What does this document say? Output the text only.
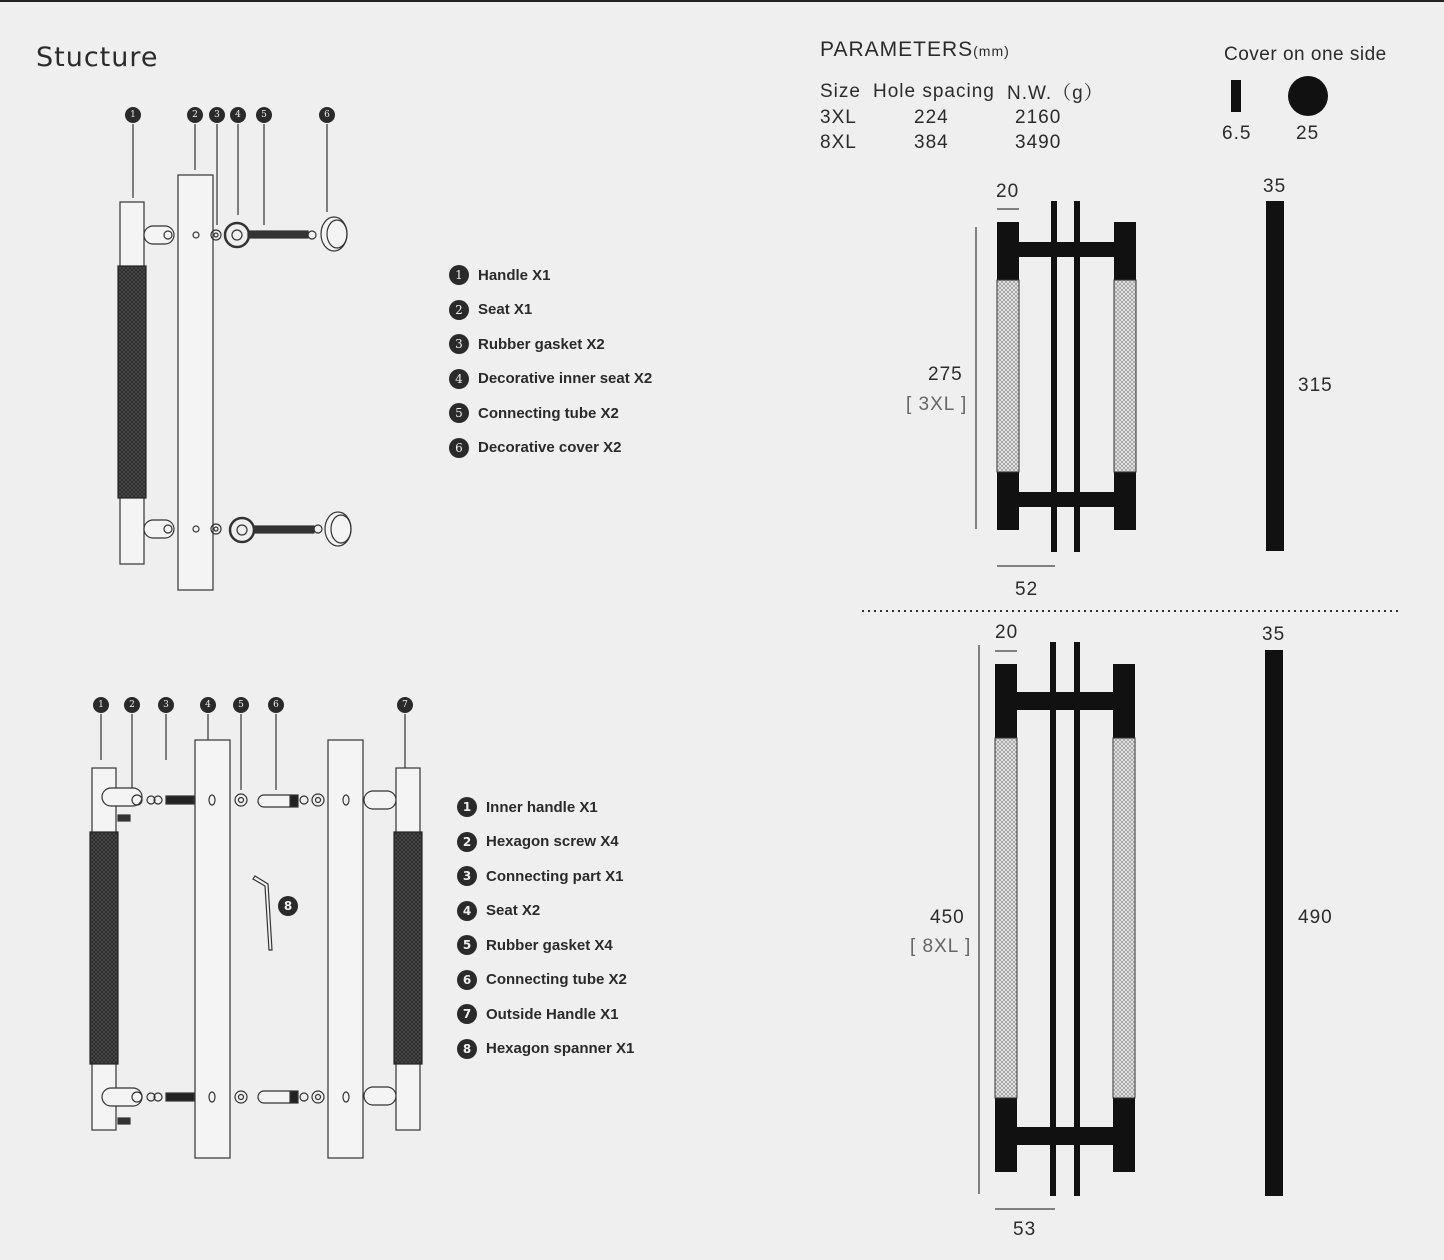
Stucture
1	2	3	4	5	6
1	2	3	4	5	6	7
8
1	Handle X1
2	Seat X1
3	Rubber gasket X2
4	Decorative inner seat X2
5	Connecting tube X2
6	Decorative cover X2
1 Inner handle X1
2 Hexagon screw X4
3 Connecting part X1
4 Seat X2
5 Rubber gasket X4
6 Connecting tube X2
7 Outside Handle X1
8 Hexagon spanner X1
PARAMETERS(mm)
Size	Hole spacing	N.W.（g）
3XL	224	2160
8XL	384	3490
Cover on one side
6.5 25
20	35
275
[ 3XL ]
315
52
20	35
450
[ 8XL ]
490
53
